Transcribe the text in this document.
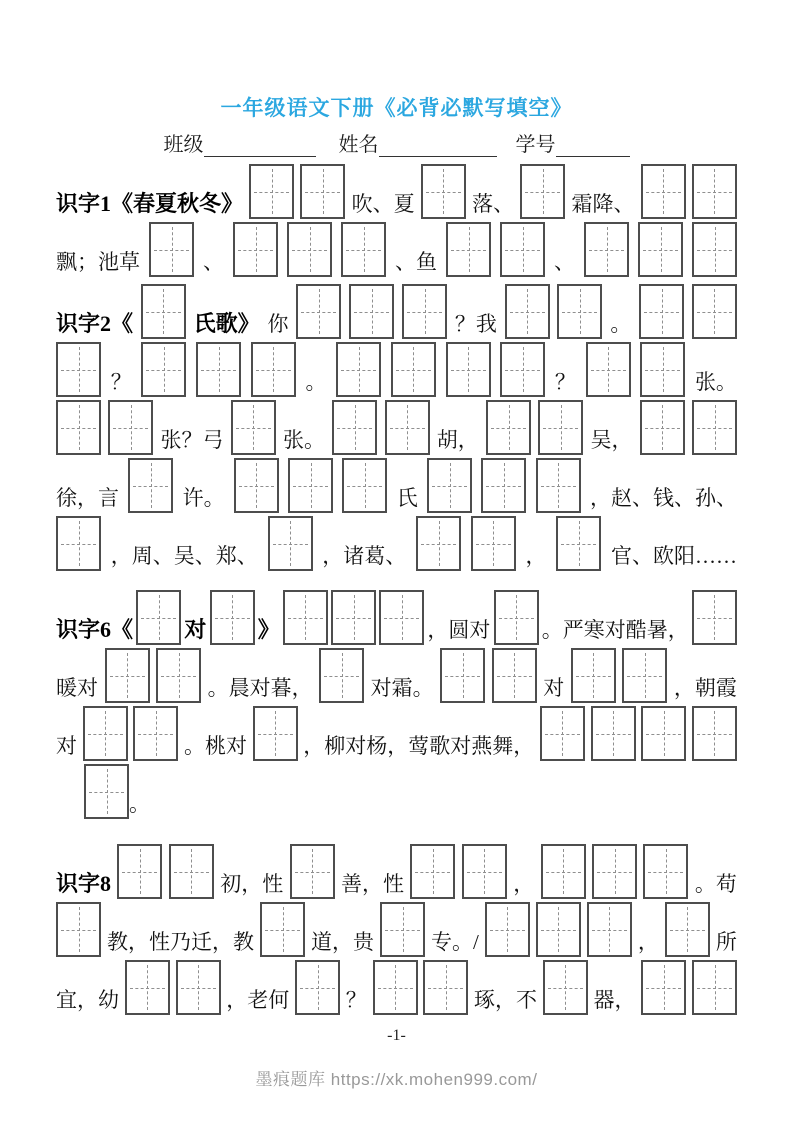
一年级语文下册《必背必默写填空》
班级	姓名	学号
识字1《春夏秋冬》	吹、夏	落、	霜降、
飘；池草	、	、鱼	、
识字2《	氏歌》 你	？我	。
？	。	？	张。
张？弓	张。	胡，	吴，
徐，言	许。	氏	，赵、钱、孙、
，周、吴、郑、	，诸葛、	，	官、欧阳……
识字6《 对 》	，圆对 。严寒对酷暑，
暖对	。晨对暮，	对霜。	对	，朝霞
对	。桃对	，柳对杨，莺歌对燕舞，
。
识字8	初，性	善，性	，	。苟
教，性乃迁，教	道，贵	专。/	，	所
宜，幼	，老何	？	琢，不	器，
-1-
墨痕题库 https://xk.mohen999.com/
